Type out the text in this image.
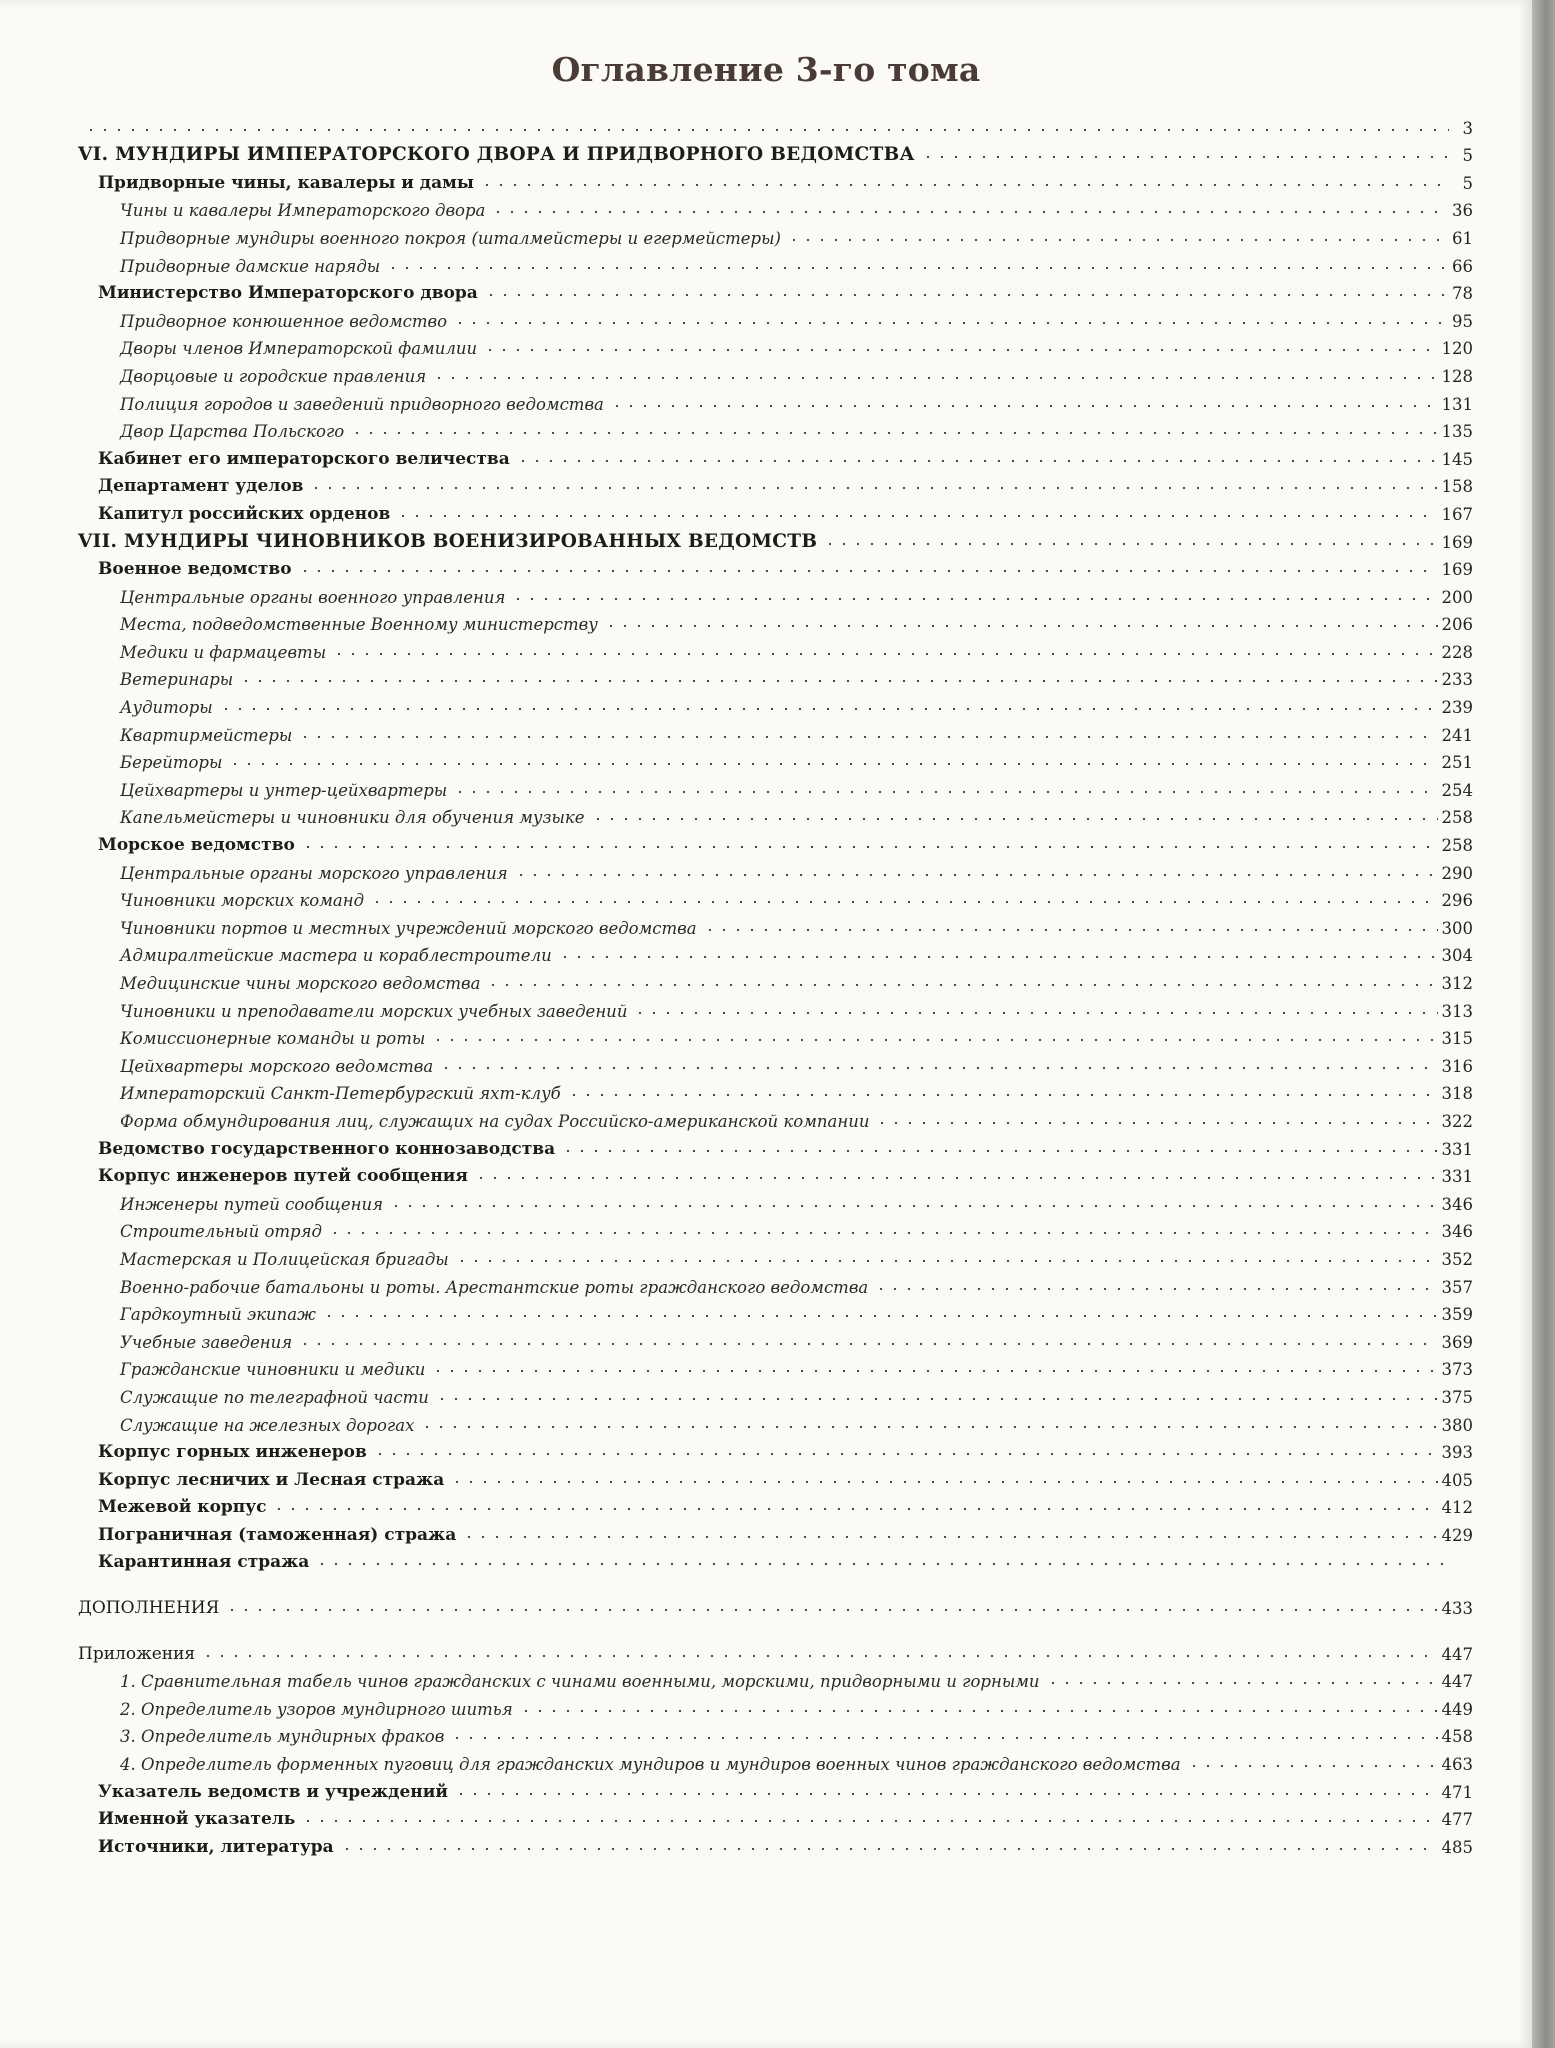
Оглавление 3-го тома
3
VI. МУНДИРЫ ИМПЕРАТОРСКОГО ДВОРА И ПРИДВОРНОГО ВЕДОМСТВА	5
Придворные чины, кавалеры и дамы	5
Чины и кавалеры Императорского двора	36
Придворные мундиры военного покроя (шталмейстеры и егермейстеры)	61
Придворные дамские наряды	66
Министерство Императорского двора	78
Придворное конюшенное ведомство	95
Дворы членов Императорской фамилии	120
Дворцовые и городские правления	128
Полиция городов и заведений придворного ведомства	131
Двор Царства Польского	135
Кабинет его императорского величества	145
Департамент уделов	158
Капитул российских орденов	167
VII. МУНДИРЫ ЧИНОВНИКОВ ВОЕНИЗИРОВАННЫХ ВЕДОМСТВ	169
Военное ведомство	169
Центральные органы военного управления	200
Места, подведомственные Военному министерству	206
Медики и фармацевты	228
Ветеринары	233
Аудиторы	239
Квартирмейстеры	241
Берейторы	251
Цейхвартеры и унтер-цейхвартеры	254
Капельмейстеры и чиновники для обучения музыке	258
Морское ведомство	258
Центральные органы морского управления	290
Чиновники морских команд	296
Чиновники портов и местных учреждений морского ведомства	300
Адмиралтейские мастера и кораблестроители	304
Медицинские чины морского ведомства	312
Чиновники и преподаватели морских учебных заведений	313
Комиссионерные команды и роты	315
Цейхвартеры морского ведомства	316
Императорский Санкт-Петербургский яхт-клуб	318
Форма обмундирования лиц, служащих на судах Российско-американской компании	322
Ведомство государственного коннозаводства	331
Корпус инженеров путей сообщения	331
Инженеры путей сообщения	346
Строительный отряд	346
Мастерская и Полицейская бригады	352
Военно-рабочие батальоны и роты. Арестантские роты гражданского ведомства	357
Гардкоутный экипаж	359
Учебные заведения	369
Гражданские чиновники и медики	373
Служащие по телеграфной части	375
Служащие на железных дорогах	380
Корпус горных инженеров	393
Корпус лесничих и Лесная стража	405
Межевой корпус	412
Пограничная (таможенная) стража	429
Карантинная стража
ДОПОЛНЕНИЯ	433
Приложения	447
1. Сравнительная табель чинов гражданских с чинами военными, морскими, придворными и горными	447
2. Определитель узоров мундирного шитья	449
3. Определитель мундирных фраков	458
4. Определитель форменных пуговиц для гражданских мундиров и мундиров военных чинов гражданского ведомства	463
Указатель ведомств и учреждений	471
Именной указатель	477
Источники, литература	485
